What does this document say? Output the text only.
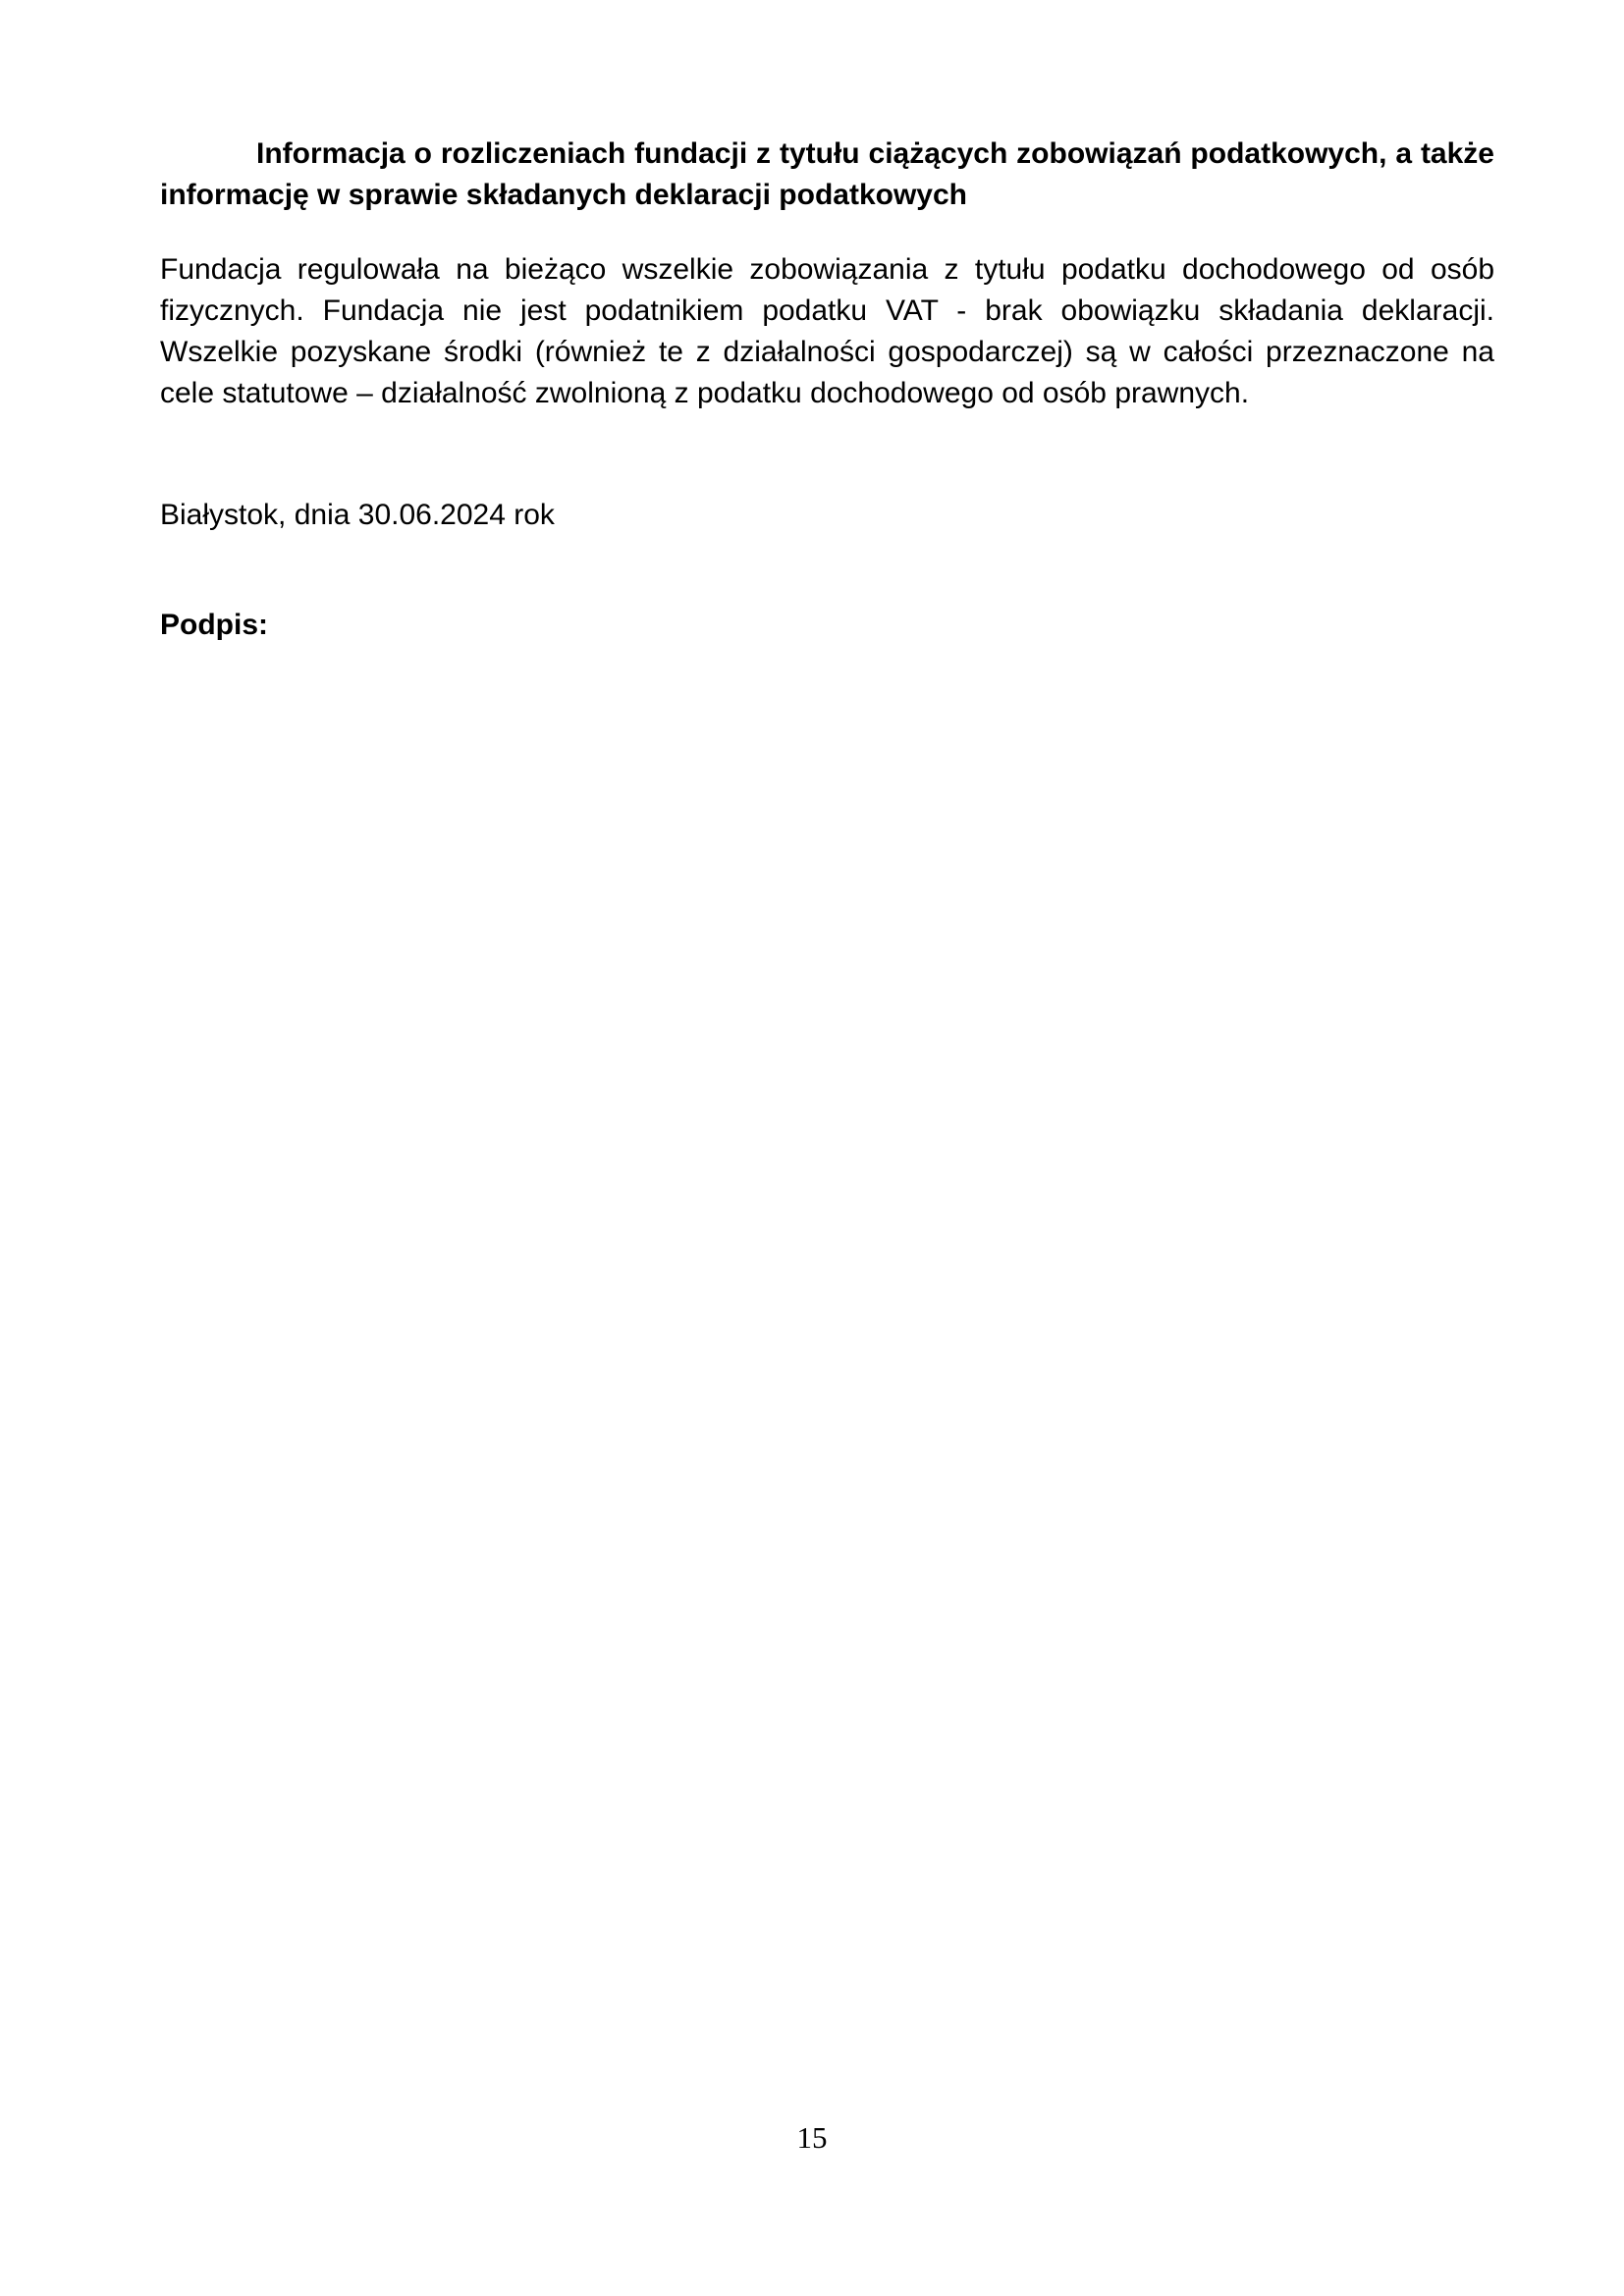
Informacja o rozliczeniach fundacji z tytułu ciążących zobowiązań podatkowych, a także informację w sprawie składanych deklaracji podatkowych

Fundacja regulowała na bieżąco wszelkie zobowiązania z tytułu podatku dochodowego od osób fizycznych. Fundacja nie jest podatnikiem podatku VAT - brak obowiązku składania deklaracji. Wszelkie pozyskane środki (również te z działalności gospodarczej) są w całości przeznaczone na cele statutowe – działalność zwolnioną z podatku dochodowego od osób prawnych.

Białystok, dnia 30.06.2024 rok

Podpis:

15
